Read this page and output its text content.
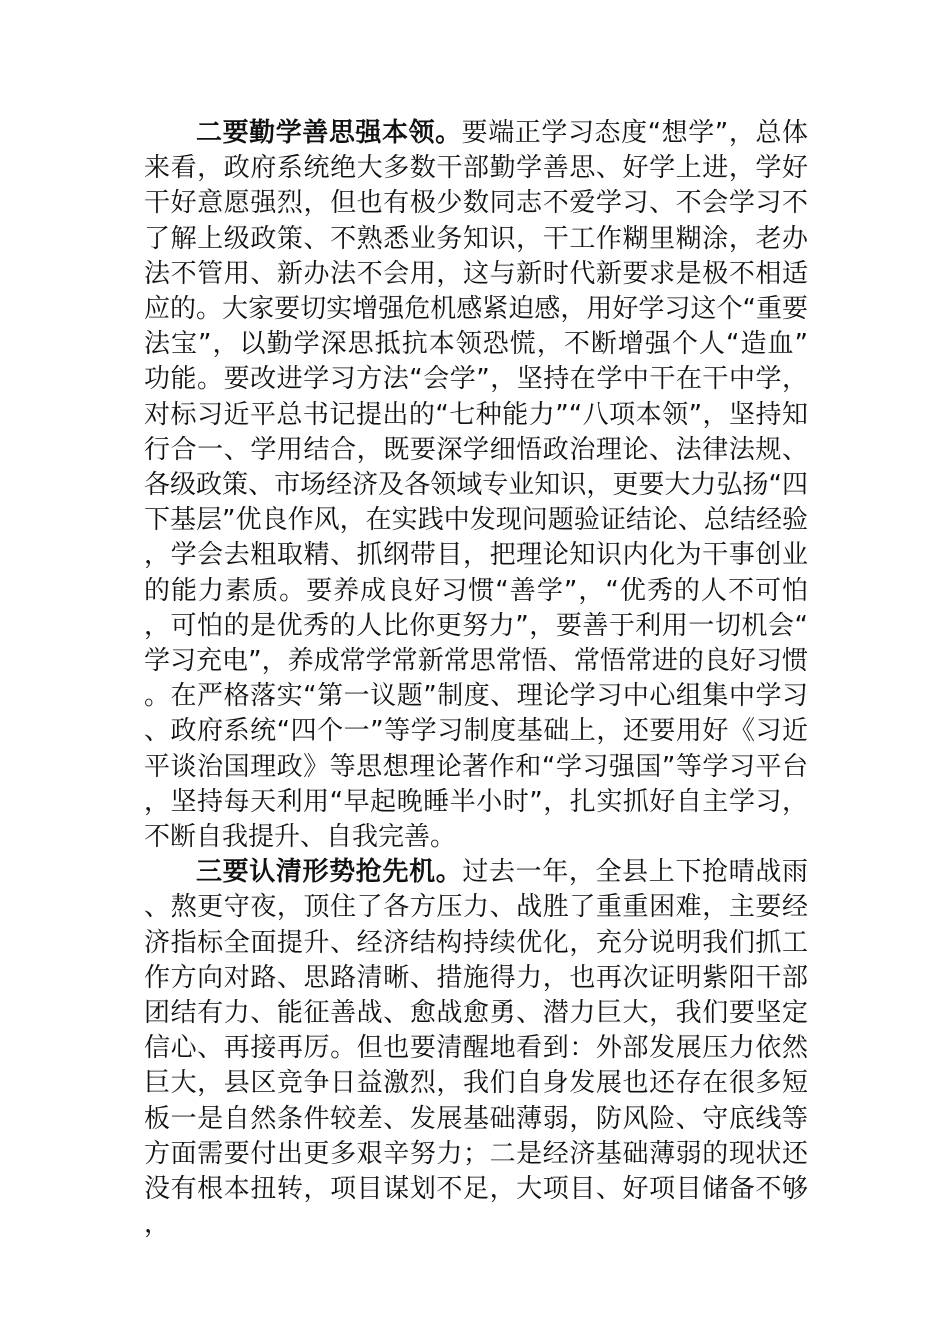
二要勤学善思强本领。要端正学习态度“想学”，总体来看，政府系统绝大多数干部勤学善思、好学上进，学好干好意愿强烈，但也有极少数同志不爱学习、不会学习不了解上级政策、不熟悉业务知识，干工作糊里糊涂，老办法不管用、新办法不会用，这与新时代新要求是极不相适应的。大家要切实增强危机感紧迫感，用好学习这个“重要法宝”，以勤学深思抵抗本领恐慌，不断增强个人“造血”功能。要改进学习方法“会学”，坚持在学中干在干中学，对标习近平总书记提出的“七种能力”“八项本领”，坚持知行合一、学用结合，既要深学细悟政治理论、法律法规、各级政策、市场经济及各领域专业知识，更要大力弘扬“四下基层”优良作风，在实践中发现问题验证结论、总结经验，学会去粗取精、抓纲带目，把理论知识内化为干事创业的能力素质。要养成良好习惯“善学”，“优秀的人不可怕，可怕的是优秀的人比你更努力”，要善于利用一切机会“学习充电”，养成常学常新常思常悟、常悟常进的良好习惯。在严格落实“第一议题”制度、理论学习中心组集中学习、政府系统“四个一”等学习制度基础上，还要用好《习近平谈治国理政》等思想理论著作和“学习强国”等学习平台，坚持每天利用“早起晚睡半小时”，扎实抓好自主学习，不断自我提升、自我完善。

三要认清形势抢先机。过去一年，全县上下抢晴战雨、熬更守夜，顶住了各方压力、战胜了重重困难，主要经济指标全面提升、经济结构持续优化，充分说明我们抓工作方向对路、思路清晰、措施得力，也再次证明紫阳干部团结有力、能征善战、愈战愈勇、潜力巨大，我们要坚定信心、再接再厉。但也要清醒地看到：外部发展压力依然巨大，县区竞争日益激烈，我们自身发展也还存在很多短板一是自然条件较差、发展基础薄弱，防风险、守底线等方面需要付出更多艰辛努力；二是经济基础薄弱的现状还没有根本扭转，项目谋划不足，大项目、好项目储备不够，
